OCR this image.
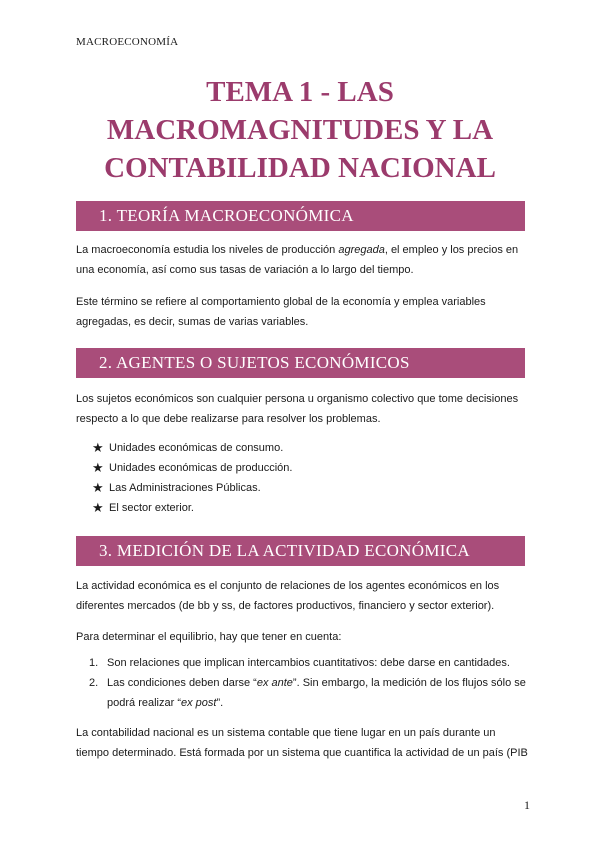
MACROECONOMÍA
TEMA 1 - LAS
MACROMAGNITUDES Y LA
CONTABILIDAD NACIONAL
1. TEORÍA MACROECONÓMICA
La macroeconomía estudia los niveles de producción agregada, el empleo y los precios en una economía, así como sus tasas de variación a lo largo del tiempo.
Este término se refiere al comportamiento global de la economía y emplea variables agregadas, es decir, sumas de varias variables.
2. AGENTES O SUJETOS ECONÓMICOS
Los sujetos económicos son cualquier persona u organismo colectivo que tome decisiones respecto a lo que debe realizarse para resolver los problemas.
★ Unidades económicas de consumo.
★ Unidades económicas de producción.
★ Las Administraciones Públicas.
★ El sector exterior.
3. MEDICIÓN DE LA ACTIVIDAD ECONÓMICA
La actividad económica es el conjunto de relaciones de los agentes económicos en los diferentes mercados (de bb y ss, de factores productivos, financiero y sector exterior).
Para determinar el equilibrio, hay que tener en cuenta:
1. Son relaciones que implican intercambios cuantitativos: debe darse en cantidades.
2. Las condiciones deben darse “ex ante”. Sin embargo, la medición de los flujos sólo se podrá realizar “ex post”.
La contabilidad nacional es un sistema contable que tiene lugar en un país durante un tiempo determinado. Está formada por un sistema que cuantifica la actividad de un país (PIB
1
